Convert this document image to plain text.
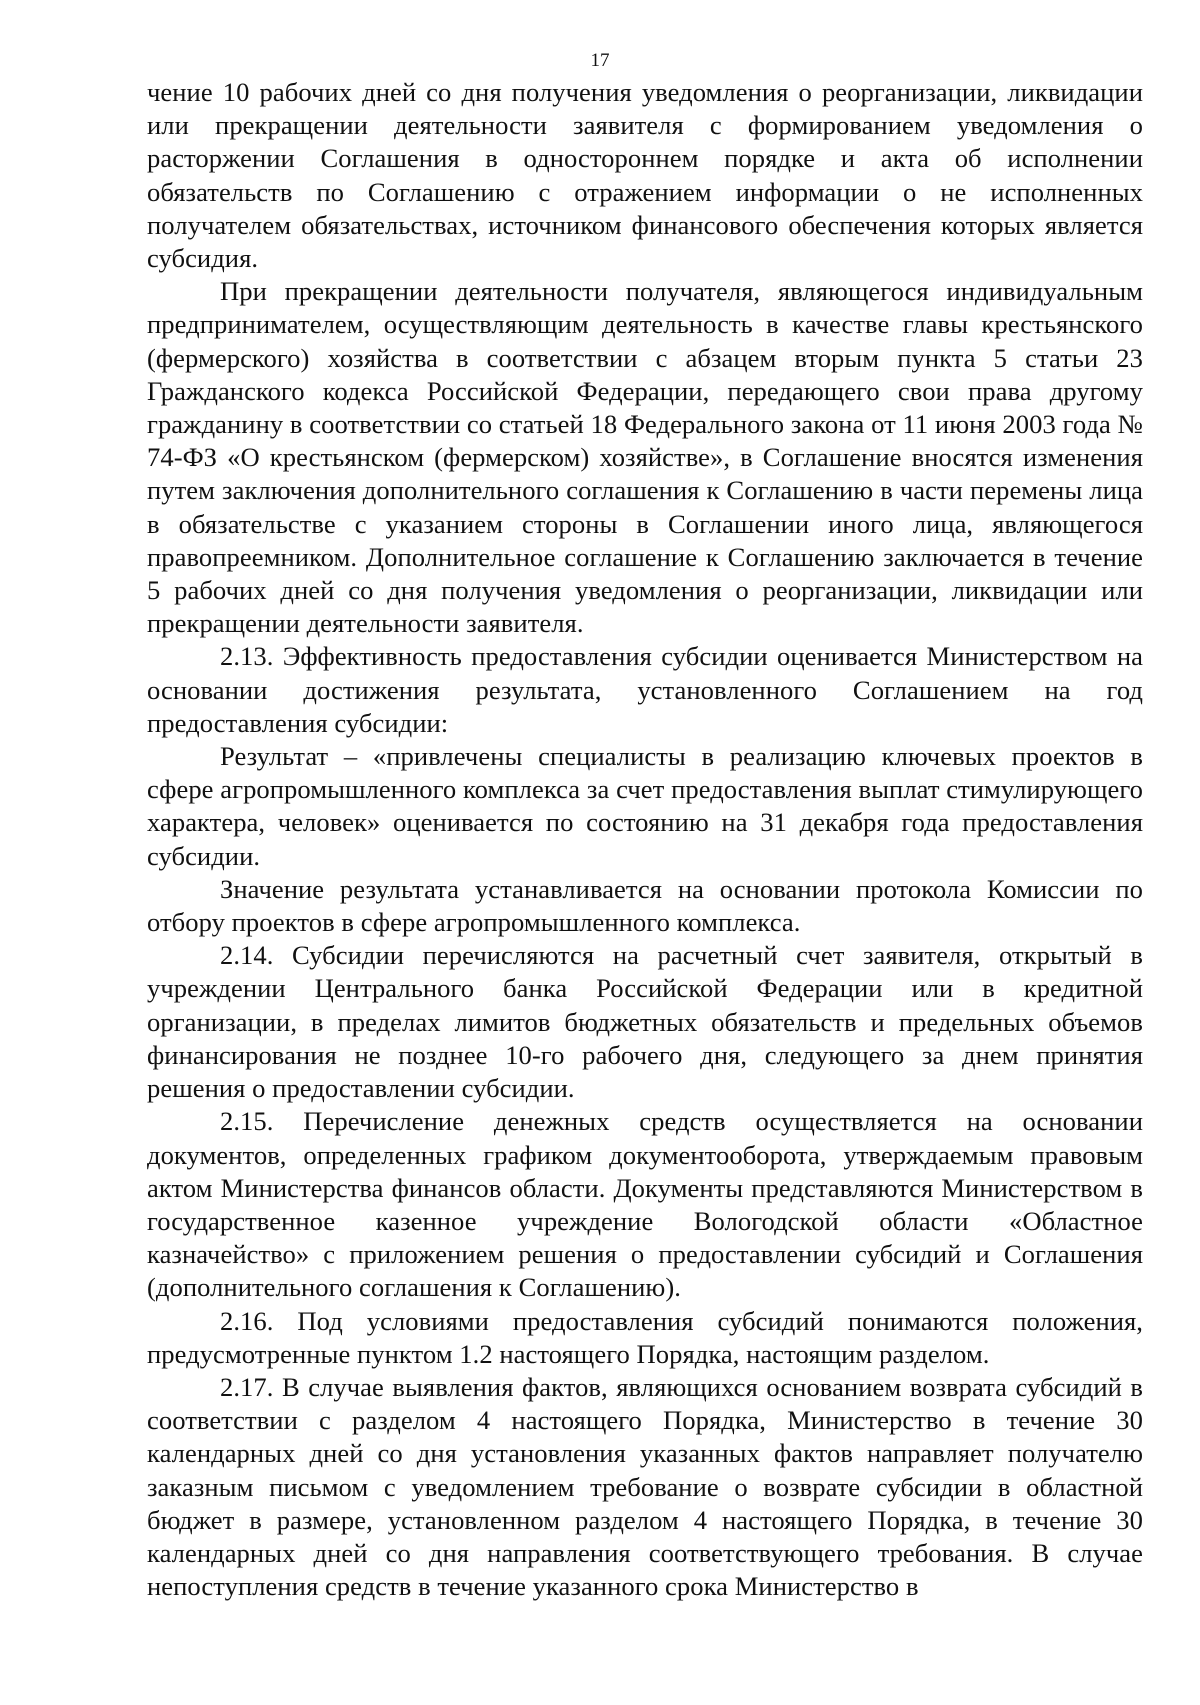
17

чение 10 рабочих дней со дня получения уведомления о реорганизации, ликвидации или прекращении деятельности заявителя с формированием уведомления о расторжении Соглашения в одностороннем порядке и акта об исполнении обязательств по Соглашению с отражением информации о не исполненных получателем обязательствах, источником финансового обеспечения которых является субсидия.

При прекращении деятельности получателя, являющегося индивидуальным предпринимателем, осуществляющим деятельность в качестве главы крестьянского (фермерского) хозяйства в соответствии с абзацем вторым пункта 5 статьи 23 Гражданского кодекса Российской Федерации, передающего свои права другому гражданину в соответствии со статьей 18 Федерального закона от 11 июня 2003 года № 74-ФЗ «О крестьянском (фермерском) хозяйстве», в Соглашение вносятся изменения путем заключения дополнительного соглашения к Соглашению в части перемены лица в обязательстве с указанием стороны в Соглашении иного лица, являющегося правопреемником. Дополнительное соглашение к Соглашению заключается в течение 5 рабочих дней со дня получения уведомления о реорганизации, ликвидации или прекращении деятельности заявителя.

2.13. Эффективность предоставления субсидии оценивается Министерством на основании достижения результата, установленного Соглашением на год предоставления субсидии:

Результат – «привлечены специалисты в реализацию ключевых проектов в сфере агропромышленного комплекса за счет предоставления выплат стимулирующего характера, человек» оценивается по состоянию на 31 декабря года предоставления субсидии.

Значение результата устанавливается на основании протокола Комиссии по отбору проектов в сфере агропромышленного комплекса.

2.14. Субсидии перечисляются на расчетный счет заявителя, открытый в учреждении Центрального банка Российской Федерации или в кредитной организации, в пределах лимитов бюджетных обязательств и предельных объемов финансирования не позднее 10-го рабочего дня, следующего за днем принятия решения о предоставлении субсидии.

2.15. Перечисление денежных средств осуществляется на основании документов, определенных графиком документооборота, утверждаемым правовым актом Министерства финансов области. Документы представляются Министерством в государственное казенное учреждение Вологодской области «Областное казначейство» с приложением решения о предоставлении субсидий и Соглашения (дополнительного соглашения к Соглашению).

2.16. Под условиями предоставления субсидий понимаются положения, предусмотренные пунктом 1.2 настоящего Порядка, настоящим разделом.

2.17. В случае выявления фактов, являющихся основанием возврата субсидий в соответствии с разделом 4 настоящего Порядка, Министерство в течение 30 календарных дней со дня установления указанных фактов направляет получателю заказным письмом с уведомлением требование о возврате субсидии в областной бюджет в размере, установленном разделом 4 настоящего Порядка, в течение 30 календарных дней со дня направления соответствующего требования. В случае непоступления средств в течение указанного срока Министерство в
